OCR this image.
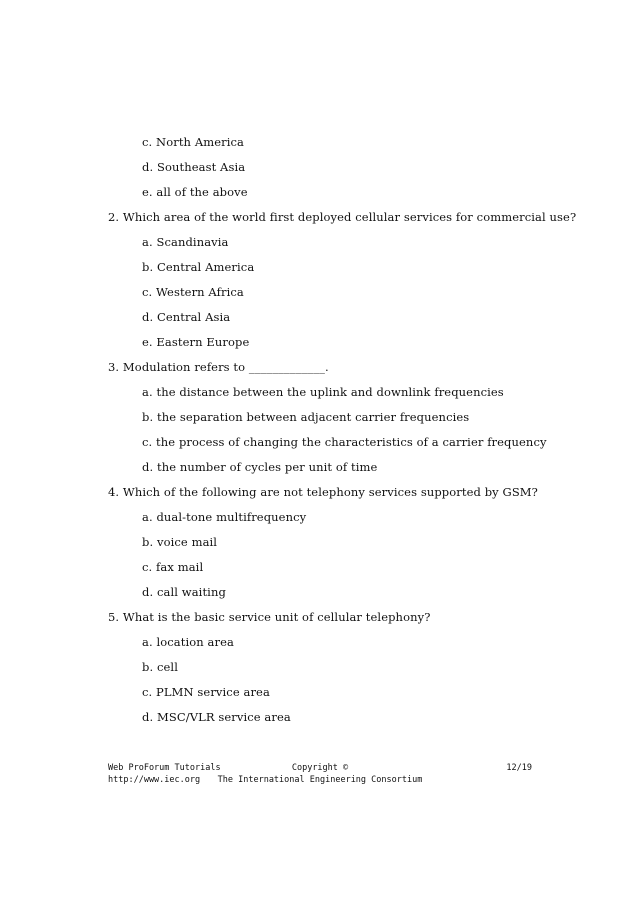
c. North America
d. Southeast Asia
e. all of the above
2. Which area of the world first deployed cellular services for commercial use?
a. Scandinavia
b. Central America
c. Western Africa
d. Central Asia
e. Eastern Europe
3. Modulation refers to _____________.
a. the distance between the uplink and downlink frequencies
b. the separation between adjacent carrier frequencies
c. the process of changing the characteristics of a carrier frequency
d. the number of cycles per unit of time
4. Which of the following are not telephony services supported by GSM?
a. dual-tone multifrequency
b. voice mail
c. fax mail
d. call waiting
5. What is the basic service unit of cellular telephony?
a. location area
b. cell
c. PLMN service area
d. MSC/VLR service area
Web ProForum Tutorials
http://www.iec.org
Copyright ©
The International Engineering Consortium
12/19
